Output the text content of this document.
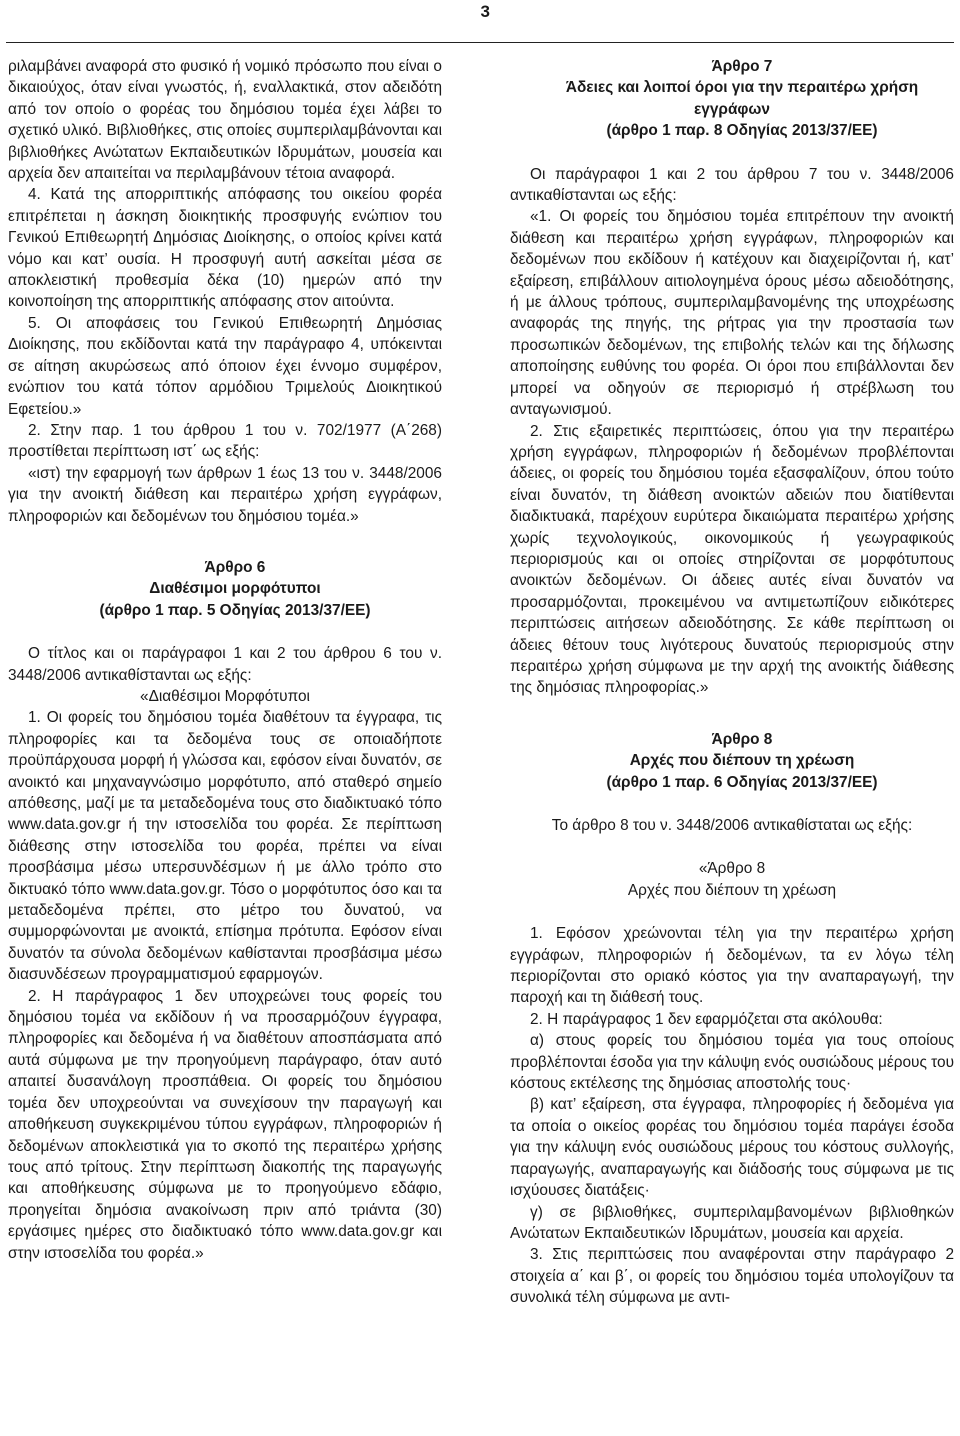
3

ριλαμβάνει αναφορά στο φυσικό ή νομικό πρόσωπο που είναι ο δικαιούχος, όταν είναι γνωστός, ή, εναλλακτικά, στον αδειδότη από τον οποίο ο φορέας του δημόσιου τομέα έχει λάβει το σχετικό υλικό. Βιβλιοθήκες, στις οποίες συμπεριλαμβάνονται και βιβλιοθήκες Ανώτατων Εκπαιδευτικών Ιδρυμάτων, μουσεία και αρχεία δεν απαιτείται να περιλαμβάνουν τέτοια αναφορά.

4. Κατά της απορριπτικής απόφασης του οικείου φορέα επιτρέπεται η άσκηση διοικητικής προσφυγής ενώπιον του Γενικού Επιθεωρητή Δημόσιας Διοίκησης, ο οποίος κρίνει κατά νόμο και κατ’ ουσία. Η προσφυγή αυτή ασκείται μέσα σε αποκλειστική προθεσμία δέκα (10) ημερών από την κοινοποίηση της απορριπτικής απόφασης στον αιτούντα.

5. Οι αποφάσεις του Γενικού Επιθεωρητή Δημόσιας Διοίκησης, που εκδίδονται κατά την παράγραφο 4, υπόκεινται σε αίτηση ακυρώσεως από όποιον έχει έννομο συμφέρον, ενώπιον του κατά τόπον αρμόδιου Τριμελούς Διοικητικού Εφετείου.»

2. Στην παρ. 1 του άρθρου 1 του ν. 702/1977 (Α΄268) προστίθεται περίπτωση ιστ΄ ως εξής:

«ιστ) την εφαρμογή των άρθρων 1 έως 13 του ν. 3448/2006 για την ανοικτή διάθεση και περαιτέρω χρήση εγγράφων, πληροφοριών και δεδομένων του δημόσιου τομέα.»

Άρθρο 6

Διαθέσιμοι μορφότυποι

(άρθρο 1 παρ. 5 Οδηγίας 2013/37/ΕΕ)

Ο τίτλος και οι παράγραφοι 1 και 2 του άρθρου 6 του ν. 3448/2006 αντικαθίστανται ως εξής:

«Διαθέσιμοι Μορφότυποι

1. Οι φορείς του δημόσιου τομέα διαθέτουν τα έγγραφα, τις πληροφορίες και τα δεδομένα τους σε οποιαδήποτε προϋπάρχουσα μορφή ή γλώσσα και, εφόσον είναι δυνατόν, σε ανοικτό και μηχαναγνώσιμο μορφότυπο, από σταθερό σημείο απόθεσης, μαζί με τα μεταδεδομένα τους στο διαδικτυακό τόπο www.data.gov.gr ή την ιστοσελίδα του φορέα. Σε περίπτωση διάθεσης στην ιστοσελίδα του φορέα, πρέπει να είναι προσβάσιμα μέσω υπερσυνδέσμων ή με άλλο τρόπο στο δικτυακό τόπο www.data.gov.gr. Τόσο ο μορφότυπος όσο και τα μεταδεδομένα πρέπει, στο μέτρο του δυνατού, να συμμορφώνονται με ανοικτά, επίσημα πρότυπα. Εφόσον είναι δυνατόν τα σύνολα δεδομένων καθίστανται προσβάσιμα μέσω διασυνδέσεων προγραμματισμού εφαρμογών.

2. Η παράγραφος 1 δεν υποχρεώνει τους φορείς του δημόσιου τομέα να εκδίδουν ή να προσαρμόζουν έγγραφα, πληροφορίες και δεδομένα ή να διαθέτουν αποσπάσματα από αυτά σύμφωνα με την προηγούμενη παράγραφο, όταν αυτό απαιτεί δυσανάλογη προσπάθεια. Οι φορείς του δημόσιου τομέα δεν υποχρεούνται να συνεχίσουν την παραγωγή και αποθήκευση συγκεκριμένου τύπου εγγράφων, πληροφοριών ή δεδομένων αποκλειστικά για το σκοπό της περαιτέρω χρήσης τους από τρίτους. Στην περίπτωση διακοπής της παραγωγής και αποθήκευσης σύμφωνα με το προηγούμενο εδάφιο, προηγείται δημόσια ανακοίνωση πριν από τριάντα (30) εργάσιμες ημέρες στο διαδικτυακό τόπο www.data.gov.gr και στην ιστοσελίδα του φορέα.»

Άρθρο 7

Άδειες και λοιποί όροι για την περαιτέρω χρήση εγγράφων

(άρθρο 1 παρ. 8 Οδηγίας 2013/37/ΕΕ)

Οι παράγραφοι 1 και 2 του άρθρου 7 του ν. 3448/2006 αντικαθίστανται ως εξής:

«1. Οι φορείς του δημόσιου τομέα επιτρέπουν την ανοικτή διάθεση και περαιτέρω χρήση εγγράφων, πληροφοριών και δεδομένων που εκδίδουν ή κατέχουν και διαχειρίζονται ή, κατ’ εξαίρεση, επιβάλλουν αιτιολογημένα όρους μέσω αδειοδότησης, ή με άλλους τρόπους, συμπεριλαμβανομένης της υποχρέωσης αναφοράς της πηγής, της ρήτρας για την προστασία των προσωπικών δεδομένων, της επιβολής τελών και της δήλωσης αποποίησης ευθύνης του φορέα. Οι όροι που επιβάλλονται δεν μπορεί να οδηγούν σε περιορισμό ή στρέβλωση του ανταγωνισμού.

2. Στις εξαιρετικές περιπτώσεις, όπου για την περαιτέρω χρήση εγγράφων, πληροφοριών ή δεδομένων προβλέπονται άδειες, οι φορείς του δημόσιου τομέα εξασφαλίζουν, όπου τούτο είναι δυνατόν, τη διάθεση ανοικτών αδειών που διατίθενται διαδικτυακά, παρέχουν ευρύτερα δικαιώματα περαιτέρω χρήσης χωρίς τεχνολογικούς, οικονομικούς ή γεωγραφικούς περιορισμούς και οι οποίες στηρίζονται σε μορφότυπους ανοικτών δεδομένων. Οι άδειες αυτές είναι δυνατόν να προσαρμόζονται, προκειμένου να αντιμετωπίζουν ειδικότερες περιπτώσεις αιτήσεων αδειοδότησης. Σε κάθε περίπτωση οι άδειες θέτουν τους λιγότερους δυνατούς περιορισμούς στην περαιτέρω χρήση σύμφωνα με την αρχή της ανοικτής διάθεσης της δημόσιας πληροφορίας.»

Άρθρο 8

Αρχές που διέπουν τη χρέωση

(άρθρο 1 παρ. 6 Οδηγίας 2013/37/ΕΕ)

Το άρθρο 8 του ν. 3448/2006 αντικαθίσταται ως εξής:

«Άρθρο 8

Αρχές που διέπουν τη χρέωση

1. Εφόσον χρεώνονται τέλη για την περαιτέρω χρήση εγγράφων, πληροφοριών ή δεδομένων, τα εν λόγω τέλη περιορίζονται στο οριακό κόστος για την αναπαραγωγή, την παροχή και τη διάθεσή τους.

2. Η παράγραφος 1 δεν εφαρμόζεται στα ακόλουθα:

α) στους φορείς του δημόσιου τομέα για τους οποίους προβλέπονται έσοδα για την κάλυψη ενός ουσιώδους μέρους του κόστους εκτέλεσης της δημόσιας αποστολής τους·

β) κατ’ εξαίρεση, στα έγγραφα, πληροφορίες ή δεδομένα για τα οποία ο οικείος φορέας του δημόσιου τομέα παράγει έσοδα για την κάλυψη ενός ουσιώδους μέρους του κόστους συλλογής, παραγωγής, αναπαραγωγής και διάδοσής τους σύμφωνα με τις ισχύουσες διατάξεις·

γ) σε βιβλιοθήκες, συμπεριλαμβανομένων βιβλιοθηκών Ανώτατων Εκπαιδευτικών Ιδρυμάτων, μουσεία και αρχεία.

3. Στις περιπτώσεις που αναφέρονται στην παράγραφο 2 στοιχεία α΄ και β΄, οι φορείς του δημόσιου τομέα υπολογίζουν τα συνολικά τέλη σύμφωνα με αντι-
